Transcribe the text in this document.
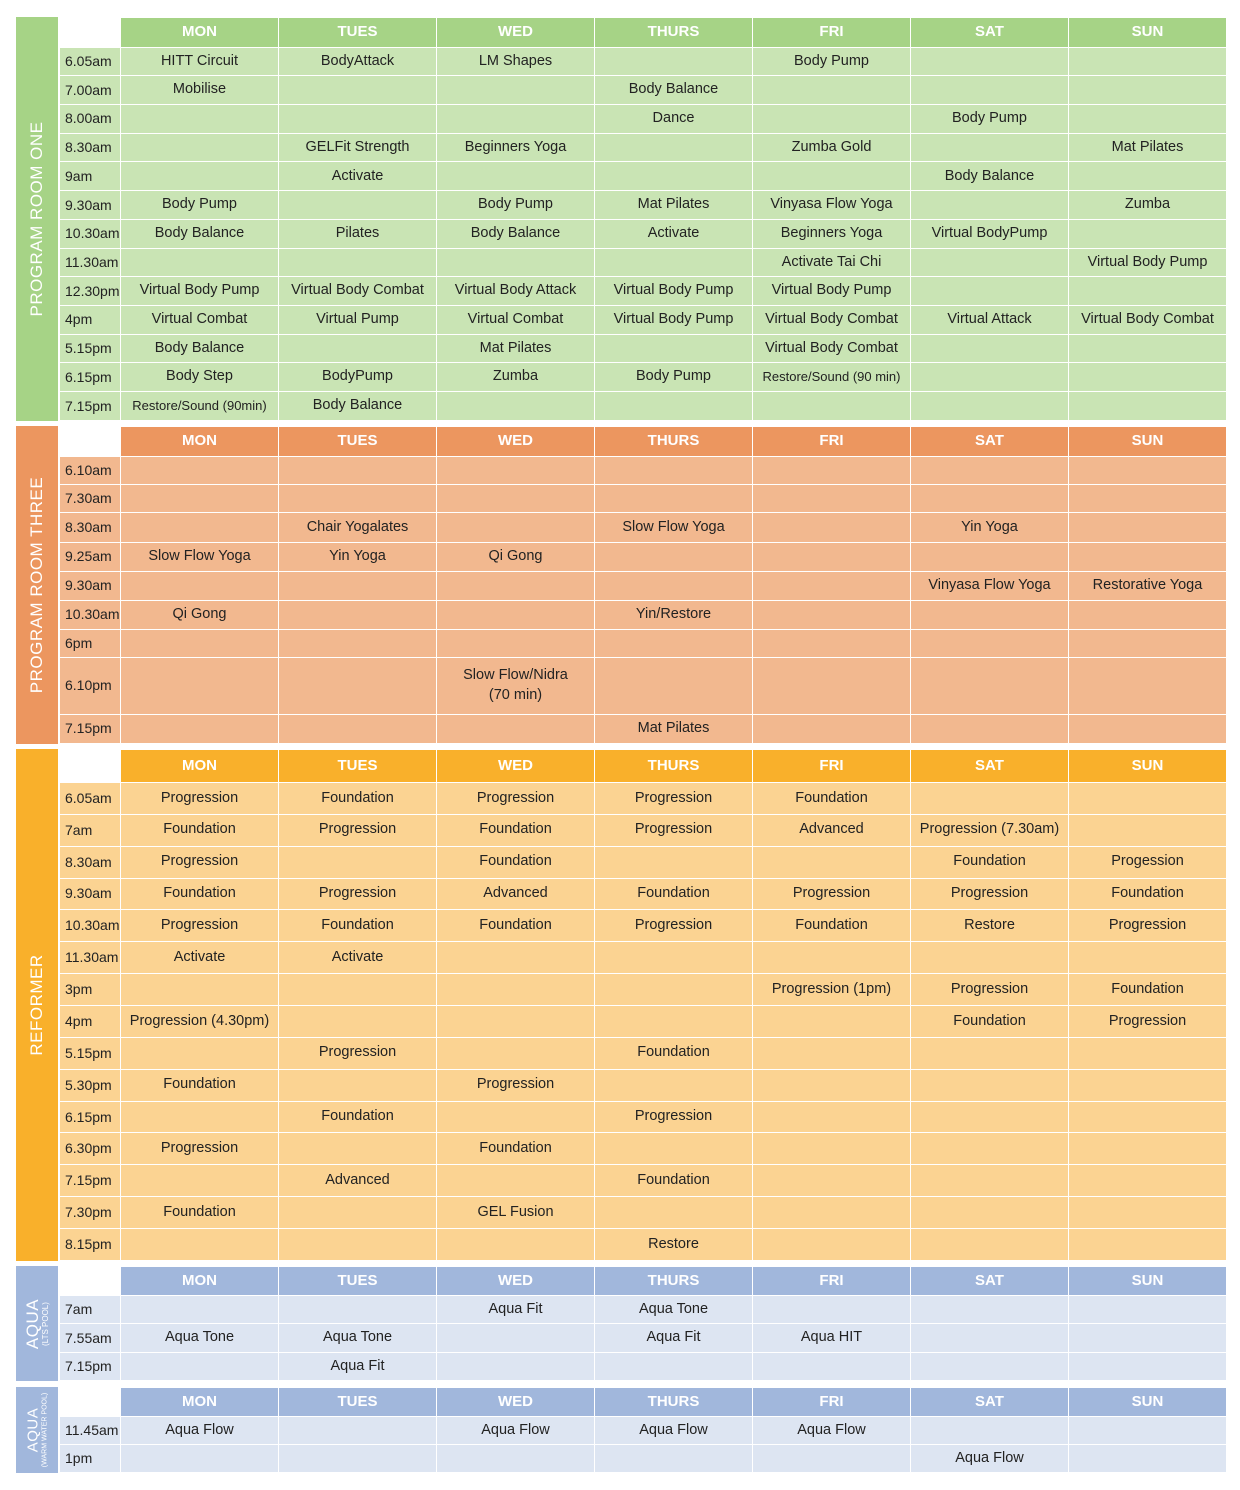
PROGRAM ROOM ONE
	MON	TUES	WED	THURS	FRI	SAT	SUN
6.05am	HITT Circuit	BodyAttack	LM Shapes		Body Pump		
7.00am	Mobilise			Body Balance			
8.00am				Dance		Body Pump	
8.30am		GELFit Strength	Beginners Yoga		Zumba Gold		Mat Pilates
9am		Activate				Body Balance	
9.30am	Body Pump		Body Pump	Mat Pilates	Vinyasa Flow Yoga		Zumba
10.30am	Body Balance	Pilates	Body Balance	Activate	Beginners Yoga	Virtual BodyPump	
11.30am					Activate Tai Chi		Virtual Body Pump
12.30pm	Virtual Body Pump	Virtual Body Combat	Virtual Body Attack	Virtual Body Pump	Virtual Body Pump		
4pm	Virtual Combat	Virtual Pump	Virtual Combat	Virtual Body Pump	Virtual Body Combat	Virtual Attack	Virtual Body Combat
5.15pm	Body Balance		Mat Pilates		Virtual Body Combat		
6.15pm	Body Step	BodyPump	Zumba	Body Pump	Restore/Sound (90 min)		
7.15pm	Restore/Sound (90min)	Body Balance					
PROGRAM ROOM THREE
	MON	TUES	WED	THURS	FRI	SAT	SUN
6.10am							
7.30am							
8.30am		Chair Yogalates		Slow Flow Yoga		Yin Yoga	
9.25am	Slow Flow Yoga	Yin Yoga	Qi Gong				
9.30am						Vinyasa Flow Yoga	Restorative Yoga
10.30am	Qi Gong			Yin/Restore			
6pm							
6.10pm			Slow Flow/Nidra
(70 min)				
7.15pm				Mat Pilates			
REFORMER
	MON	TUES	WED	THURS	FRI	SAT	SUN
6.05am	Progression	Foundation	Progression	Progression	Foundation		
7am	Foundation	Progression	Foundation	Progression	Advanced	Progression (7.30am)	
8.30am	Progression		Foundation			Foundation	Progession
9.30am	Foundation	Progression	Advanced	Foundation	Progression	Progression	Foundation
10.30am	Progression	Foundation	Foundation	Progression	Foundation	Restore	Progression
11.30am	Activate	Activate					
3pm					Progression (1pm)	Progression	Foundation
4pm	Progression (4.30pm)					Foundation	Progression
5.15pm		Progression		Foundation			
5.30pm	Foundation		Progression				
6.15pm		Foundation		Progression			
6.30pm	Progression		Foundation				
7.15pm		Advanced		Foundation			
7.30pm	Foundation		GEL Fusion				
8.15pm				Restore			
AQUA
(LTS POOL)
	MON	TUES	WED	THURS	FRI	SAT	SUN
7am			Aqua Fit	Aqua Tone			
7.55am	Aqua Tone	Aqua Tone		Aqua Fit	Aqua HIT		
7.15pm		Aqua Fit					
AQUA (WARM WATER POOL)
		MON	TUES	WED	THURS	FRI	SAT	SUN
11.45am	Aqua Flow		Aqua Flow	Aqua Flow	Aqua Flow		
1pm						Aqua Flow	
